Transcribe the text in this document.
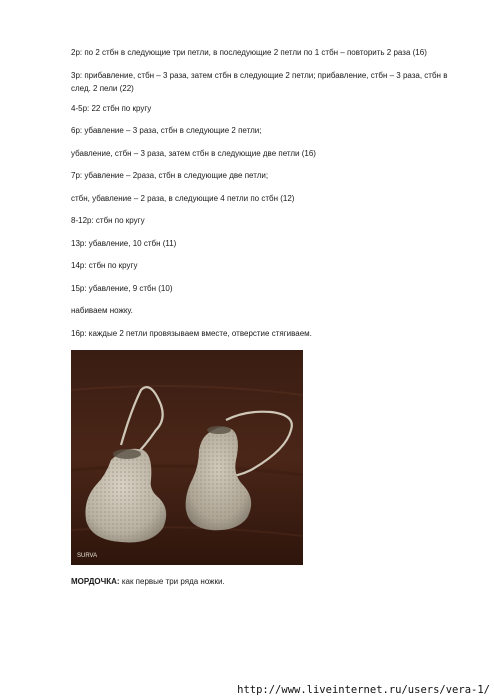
2р: по 2 стбн в следующие три петли, в последующие 2 петли по 1 стбн – повторить 2 раза (16)

3р: прибавление, стбн – 3 раза, затем стбн в следующие 2 петли; прибавление, стбн – 3 раза, стбн в след. 2 пели (22)

4-5р: 22 стбн по кругу

6р: убавление – 3 раза, стбн в следующие 2 петли;

убавление, стбн – 3 раза, затем стбн в следующие две петли (16)

7р: убавление – 2раза, стбн в следующие две петли;

стбн, убавление – 2 раза, в следующие 4 петли по стбн (12)

8-12р: стбн по кругу

13р: убавление, 10 стбн (11)

14р: стбн по кругу

15р: убавление, 9 стбн (10)

набиваем ножку.

16р: каждые 2 петли провязываем вместе, отверстие стягиваем.

SURVA
МОРДОЧКА: как первые три ряда ножки.
http://www.liveinternet.ru/users/vera-1/
